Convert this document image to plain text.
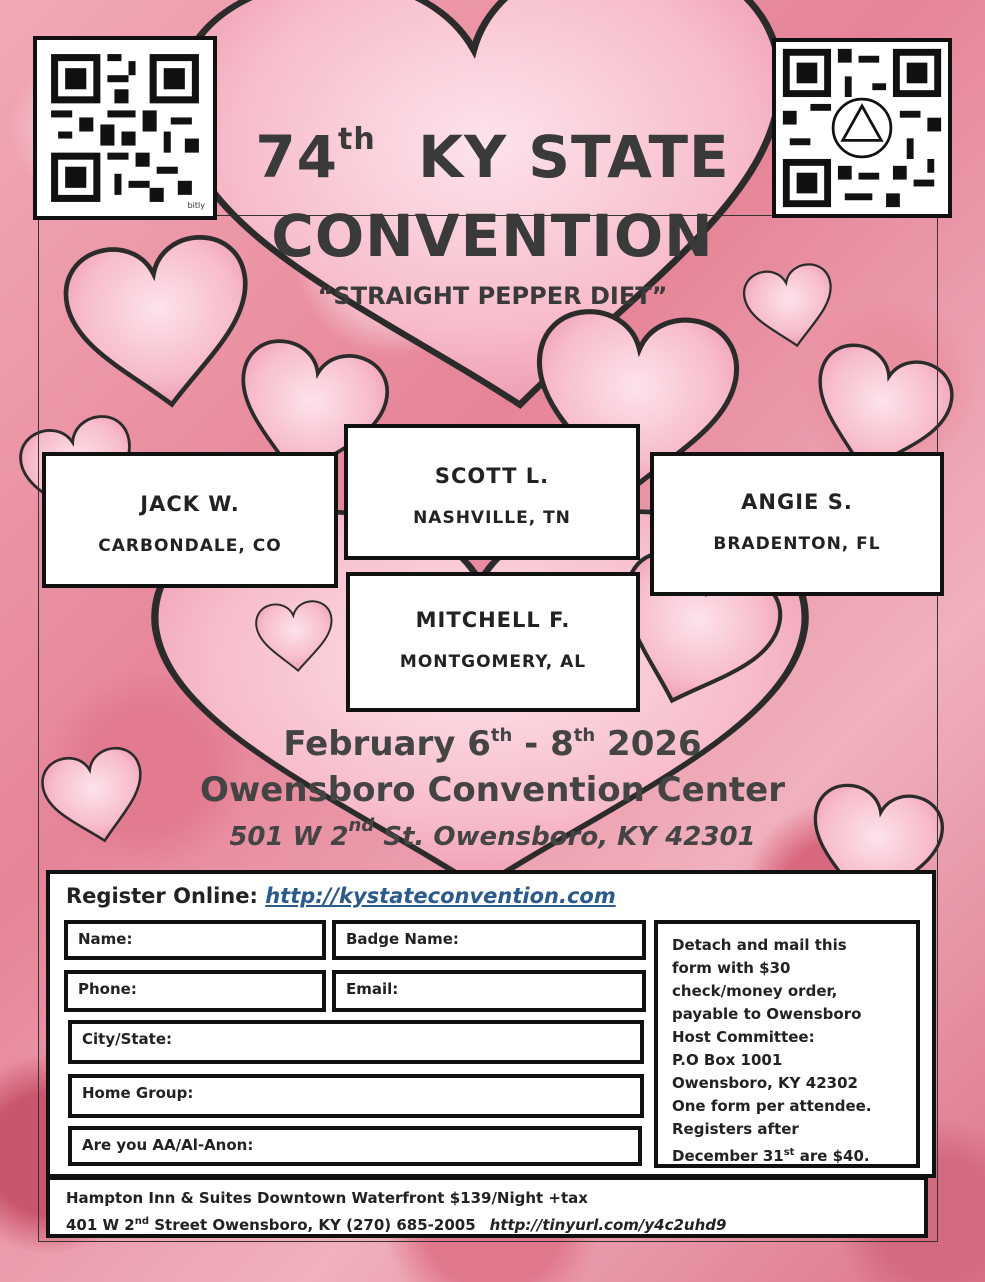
bitly
74th KY STATE
CONVENTION
“STRAIGHT PEPPER DIET”
JACK W.
CARBONDALE, CO
SCOTT L.
NASHVILLE, TN
ANGIE S.
BRADENTON, FL
MITCHELL F.
MONTGOMERY, AL
February 6th - 8th 2026
Owensboro Convention Center
501 W 2nd St. Owensboro, KY 42301
Register Online: http://kystateconvention.com
Name:	Badge Name:
Phone:	Email:
City/State:
Home Group:
Are you AA/Al-Anon:
Detach and mail this
form with $30
check/money order,
payable to Owensboro
Host Committee:
P.O Box 1001
Owensboro, KY 42302
One form per attendee.
Registers after
December 31st are $40.
Hampton Inn & Suites Downtown Waterfront $139/Night +tax
401 W 2nd Street Owensboro, KY (270) 685-2005 http://tinyurl.com/y4c2uhd9
